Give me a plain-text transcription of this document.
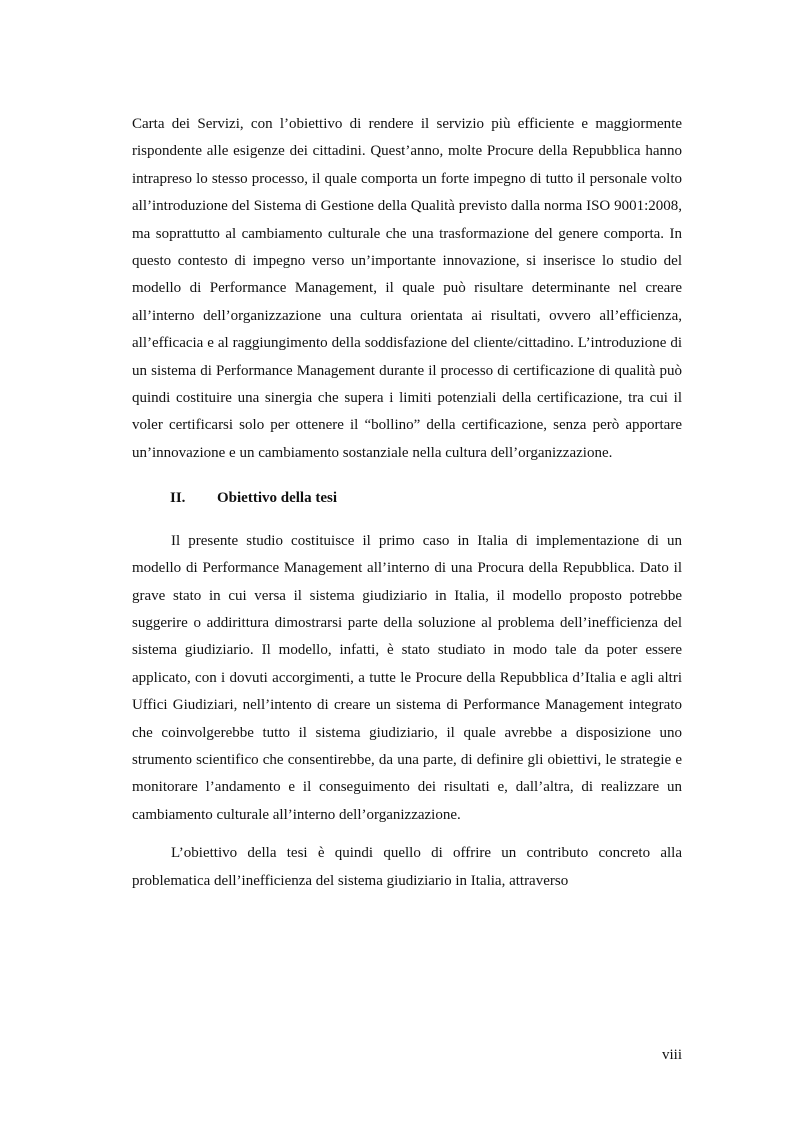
Carta dei Servizi, con l’obiettivo di rendere il servizio più efficiente e maggiormente rispondente alle esigenze dei cittadini. Quest’anno, molte Procure della Repubblica hanno intrapreso lo stesso processo, il quale comporta un forte impegno di tutto il personale volto all’introduzione del Sistema di Gestione della Qualità previsto dalla norma ISO 9001:2008, ma soprattutto al cambiamento culturale che una trasformazione del genere comporta. In questo contesto di impegno verso un’importante innovazione, si inserisce lo studio del modello di Performance Management, il quale può risultare determinante nel creare all’interno dell’organizzazione una cultura orientata ai risultati, ovvero all’efficienza, all’efficacia e al raggiungimento della soddisfazione del cliente/cittadino. L’introduzione di un sistema di Performance Management durante il processo di certificazione di qualità può quindi costituire una sinergia che supera i limiti potenziali della certificazione, tra cui il voler certificarsi solo per ottenere il “bollino” della certificazione, senza però apportare un’innovazione e un cambiamento sostanziale nella cultura dell’organizzazione.

II.	Obiettivo della tesi

Il presente studio costituisce il primo caso in Italia di implementazione di un modello di Performance Management all’interno di una Procura della Repubblica. Dato il grave stato in cui versa il sistema giudiziario in Italia, il modello proposto potrebbe suggerire o addirittura dimostrarsi parte della soluzione al problema dell’inefficienza del sistema giudiziario. Il modello, infatti, è stato studiato in modo tale da poter essere applicato, con i dovuti accorgimenti, a tutte le Procure della Repubblica d’Italia e agli altri Uffici Giudiziari, nell’intento di creare un sistema di Performance Management integrato che coinvolgerebbe tutto il sistema giudiziario, il quale avrebbe a disposizione uno strumento scientifico che consentirebbe, da una parte, di definire gli obiettivi, le strategie e monitorare l’andamento e il conseguimento dei risultati e, dall’altra, di realizzare un cambiamento culturale all’interno dell’organizzazione.

L’obiettivo della tesi è quindi quello di offrire un contributo concreto alla problematica dell’inefficienza del sistema giudiziario in Italia, attraverso

viii
